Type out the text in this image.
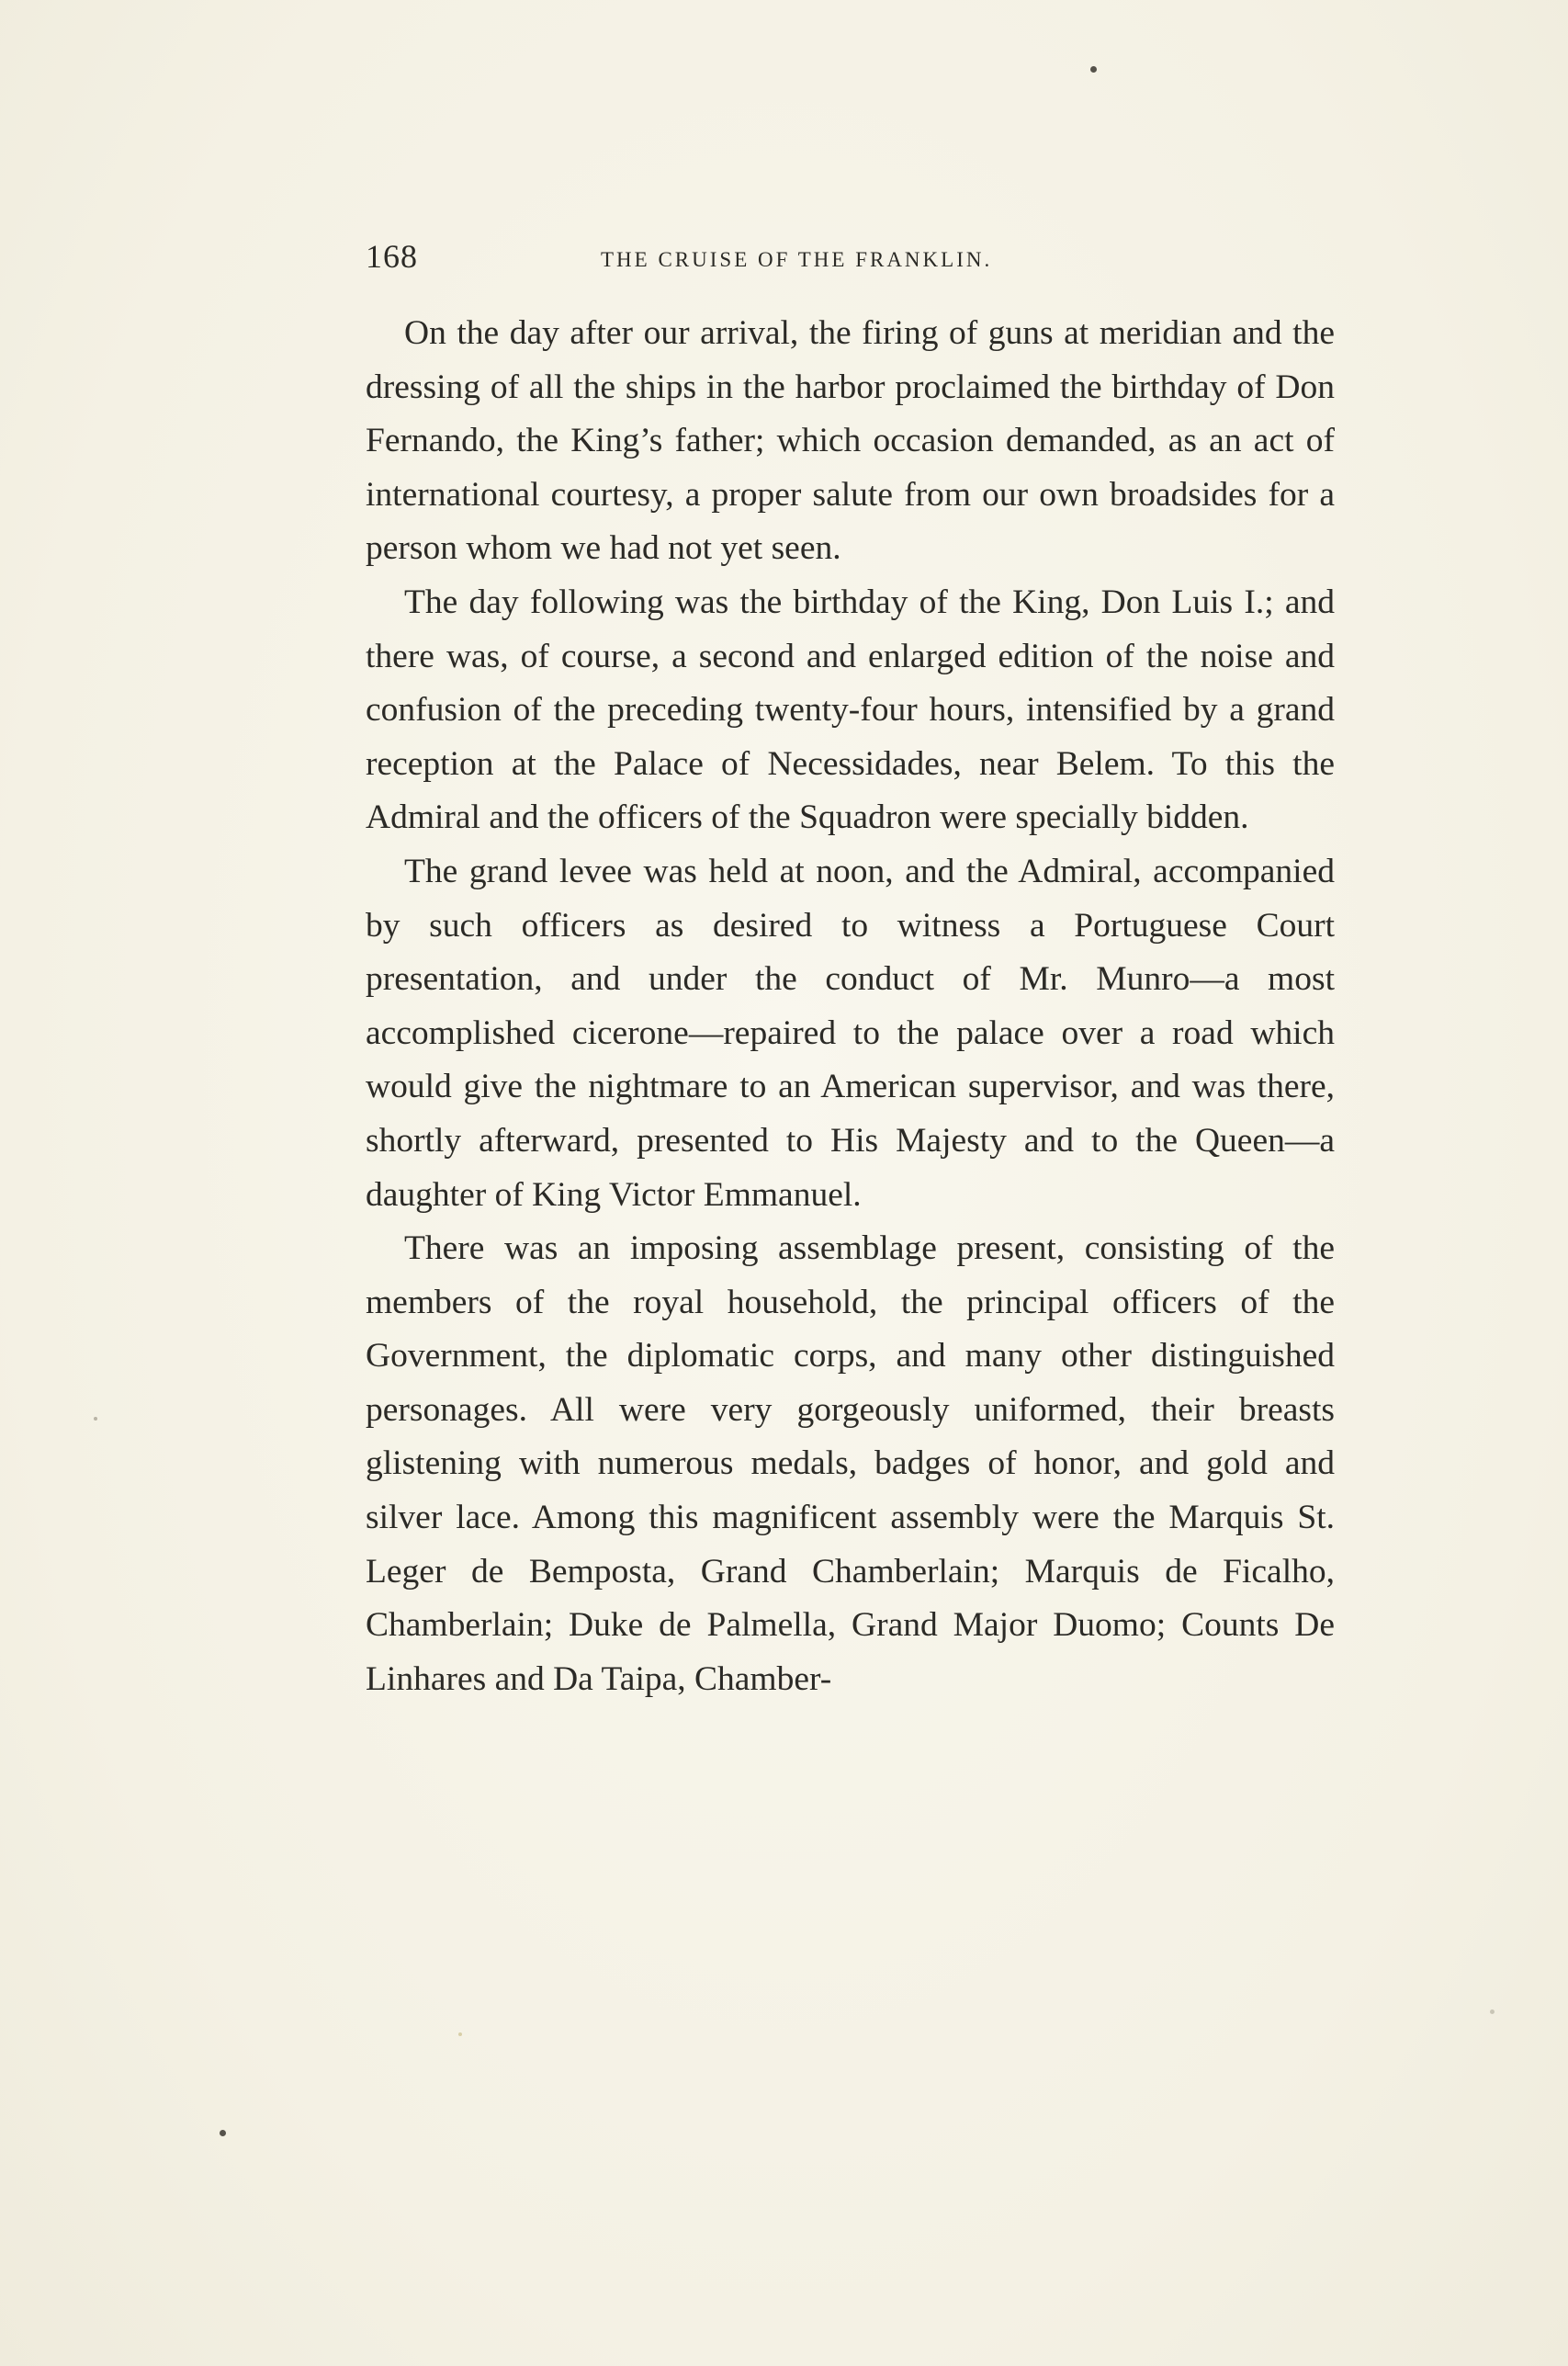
168	THE CRUISE OF THE FRANKLIN.

On the day after our arrival, the firing of guns at meridian and the dressing of all the ships in the harbor proclaimed the birthday of Don Fernando, the King’s father; which occasion demanded, as an act of international courtesy, a proper salute from our own broadsides for a person whom we had not yet seen.

The day following was the birthday of the King, Don Luis I.; and there was, of course, a second and enlarged edition of the noise and confusion of the preceding twenty-four hours, intensified by a grand reception at the Palace of Necessidades, near Belem. To this the Admiral and the officers of the Squadron were specially bidden.

The grand levee was held at noon, and the Admiral, accompanied by such officers as desired to witness a Portuguese Court presentation, and under the conduct of Mr. Munro—a most accomplished cicerone—repaired to the palace over a road which would give the nightmare to an American supervisor, and was there, shortly afterward, presented to His Majesty and to the Queen—a daughter of King Victor Emmanuel.

There was an imposing assemblage present, consisting of the members of the royal household, the principal officers of the Government, the diplomatic corps, and many other distinguished personages. All were very gorgeously uniformed, their breasts glistening with numerous medals, badges of honor, and gold and silver lace. Among this magnificent assembly were the Marquis St. Leger de Bemposta, Grand Chamberlain; Marquis de Ficalho, Chamberlain; Duke de Palmella, Grand Major Duomo; Counts De Linhares and Da Taipa, Chamber-
